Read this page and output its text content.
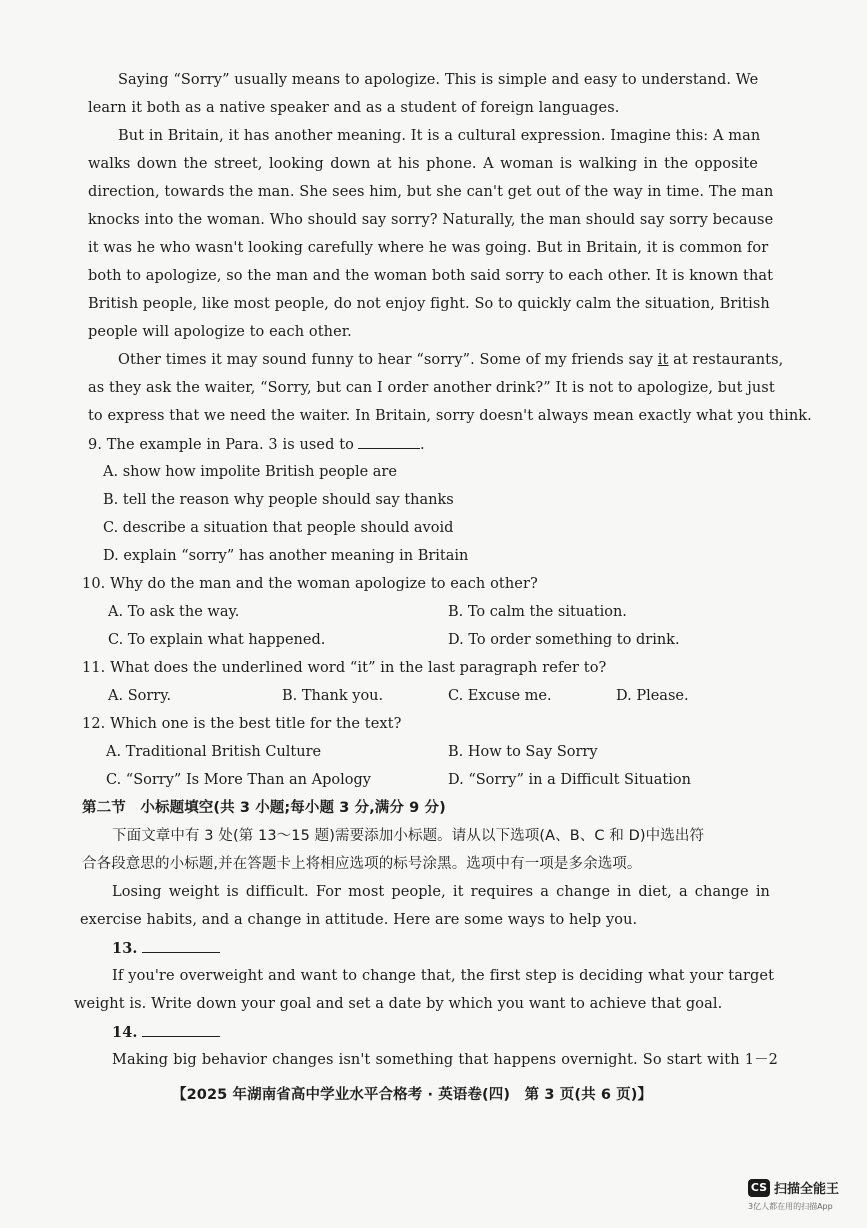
Saying “Sorry” usually means to apologize. This is simple and easy to understand. We
learn it both as a native speaker and as a student of foreign languages.
But in Britain, it has another meaning. It is a cultural expression. Imagine this: A man
walks down the street, looking down at his phone. A woman is walking in the opposite
direction, towards the man. She sees him, but she can't get out of the way in time. The man
knocks into the woman. Who should say sorry? Naturally, the man should say sorry because
it was he who wasn't looking carefully where he was going. But in Britain, it is common for
both to apologize, so the man and the woman both said sorry to each other. It is known that
British people, like most people, do not enjoy fight. So to quickly calm the situation, British
people will apologize to each other.
Other times it may sound funny to hear “sorry”. Some of my friends say it at restaurants,
as they ask the waiter, “Sorry, but can I order another drink?” It is not to apologize, but just
to express that we need the waiter. In Britain, sorry doesn't always mean exactly what you think.
9. The example in Para. 3 is used to	.
A. show how impolite British people are
B. tell the reason why people should say thanks
C. describe a situation that people should avoid
D. explain “sorry” has another meaning in Britain
10. Why do the man and the woman apologize to each other?
A. To ask the way.	B. To calm the situation.
C. To explain what happened.	D. To order something to drink.
11. What does the underlined word “it” in the last paragraph refer to?
A. Sorry.	B. Thank you.	C. Excuse me.	D. Please.
12. Which one is the best title for the text?
A. Traditional British Culture	B. How to Say Sorry
C. “Sorry” Is More Than an Apology	D. “Sorry” in a Difficult Situation
第二节　小标题填空(共 3 小题;每小题 3 分,满分 9 分)
下面文章中有 3 处(第 13～15 题)需要添加小标题。请从以下选项(A、B、C 和 D)中选出符
合各段意思的小标题,并在答题卡上将相应选项的标号涂黑。选项中有一项是多余选项。
Losing weight is difficult. For most people, it requires a change in diet, a change in
exercise habits, and a change in attitude. Here are some ways to help you.
13.
If you're overweight and want to change that, the first step is deciding what your target
weight is. Write down your goal and set a date by which you want to achieve that goal.
14.
Making big behavior changes isn't something that happens overnight. So start with 1－2
【2025 年湖南省高中学业水平合格考 · 英语卷(四)　第 3 页(共 6 页)】
CS 扫描全能王
3亿人都在用的扫描App
